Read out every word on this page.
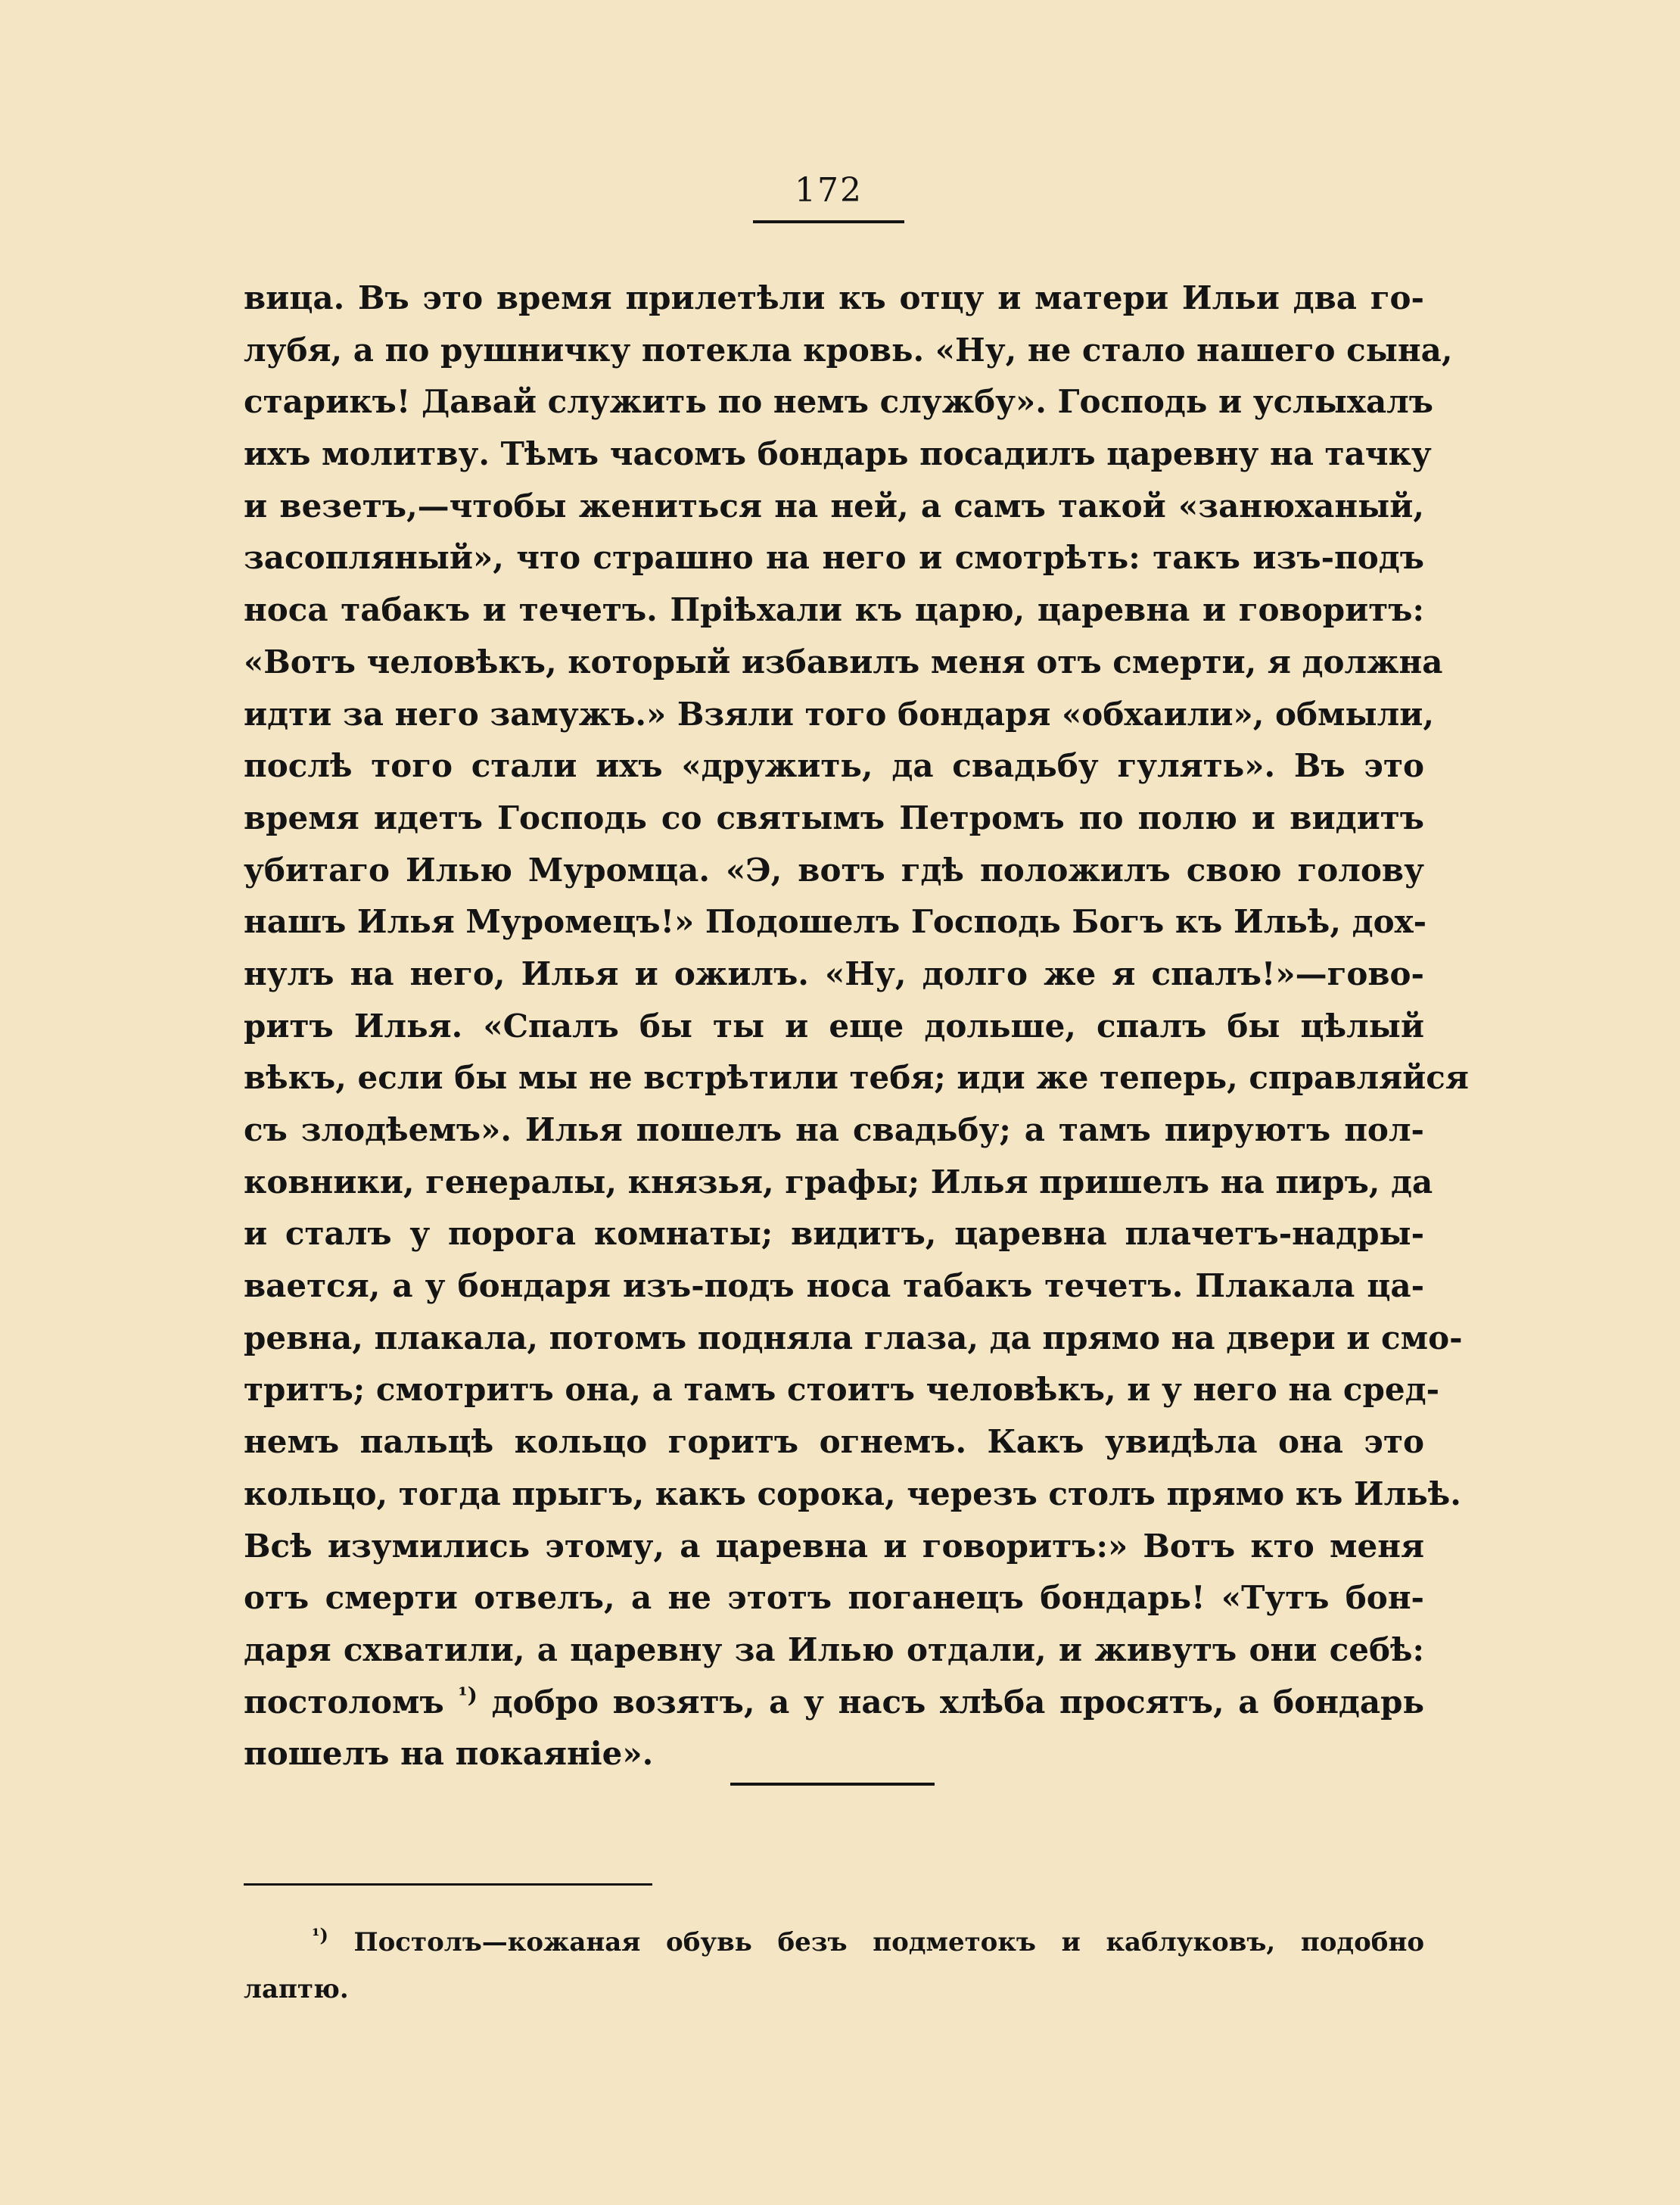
172
вица. Въ это время прилетѣли къ отцу и матери Ильи два го-
лубя, а по рушничку потекла кровь. «Ну, не стало нашего сына,
старикъ! Давай служить по немъ службу». Господь и услыхалъ
ихъ молитву. Тѣмъ часомъ бондарь посадилъ царевну на тачку
и везетъ,—чтобы жениться на ней, а самъ такой «занюханый,
засопляный», что страшно на него и смотрѣть: такъ изъ-подъ
носа табакъ и течетъ. Пріѣхали къ царю, царевна и говоритъ:
«Вотъ человѣкъ, который избавилъ меня отъ смерти, я должна
идти за него замужъ.» Взяли того бондаря «обхаили», обмыли,
послѣ того стали ихъ «дружить, да свадьбу гулять». Въ это
время идетъ Господь со святымъ Петромъ по полю и видитъ
убитаго Илью Муромца. «Э, вотъ гдѣ положилъ свою голову
нашъ Илья Муромецъ!» Подошелъ Господь Богъ къ Ильѣ, дох-
нулъ на него, Илья и ожилъ. «Ну, долго же я спалъ!»—гово-
ритъ Илья. «Спалъ бы ты и еще дольше, спалъ бы цѣлый
вѣкъ, если бы мы не встрѣтили тебя; иди же теперь, справляйся
съ злодѣемъ». Илья пошелъ на свадьбу; а тамъ пируютъ пол-
ковники, генералы, князья, графы; Илья пришелъ на пиръ, да
и сталъ у порога комнаты; видитъ, царевна плачетъ-надры-
вается, а у бондаря изъ-подъ носа табакъ течетъ. Плакала ца-
ревна, плакала, потомъ подняла глаза, да прямо на двери и смо-
тритъ; смотритъ она, а тамъ стоитъ человѣкъ, и у него на сред-
немъ пальцѣ кольцо горитъ огнемъ. Какъ увидѣла она это
кольцо, тогда прыгъ, какъ сорока, черезъ столъ прямо къ Ильѣ.
Всѣ изумились этому, а царевна и говоритъ:» Вотъ кто меня
отъ смерти отвелъ, а не этотъ поганецъ бондарь! «Тутъ бон-
даря схватили, а царевну за Илью отдали, и живутъ они себѣ:
постоломъ $^{^1)}$ добро возятъ, а у насъ хлѣба просятъ, а бондарь
пошелъ на покаяніе».
$^{^1)}$ Постолъ—кожаная обувь безъ подметокъ и каблуковъ, подобно
лаптю.
